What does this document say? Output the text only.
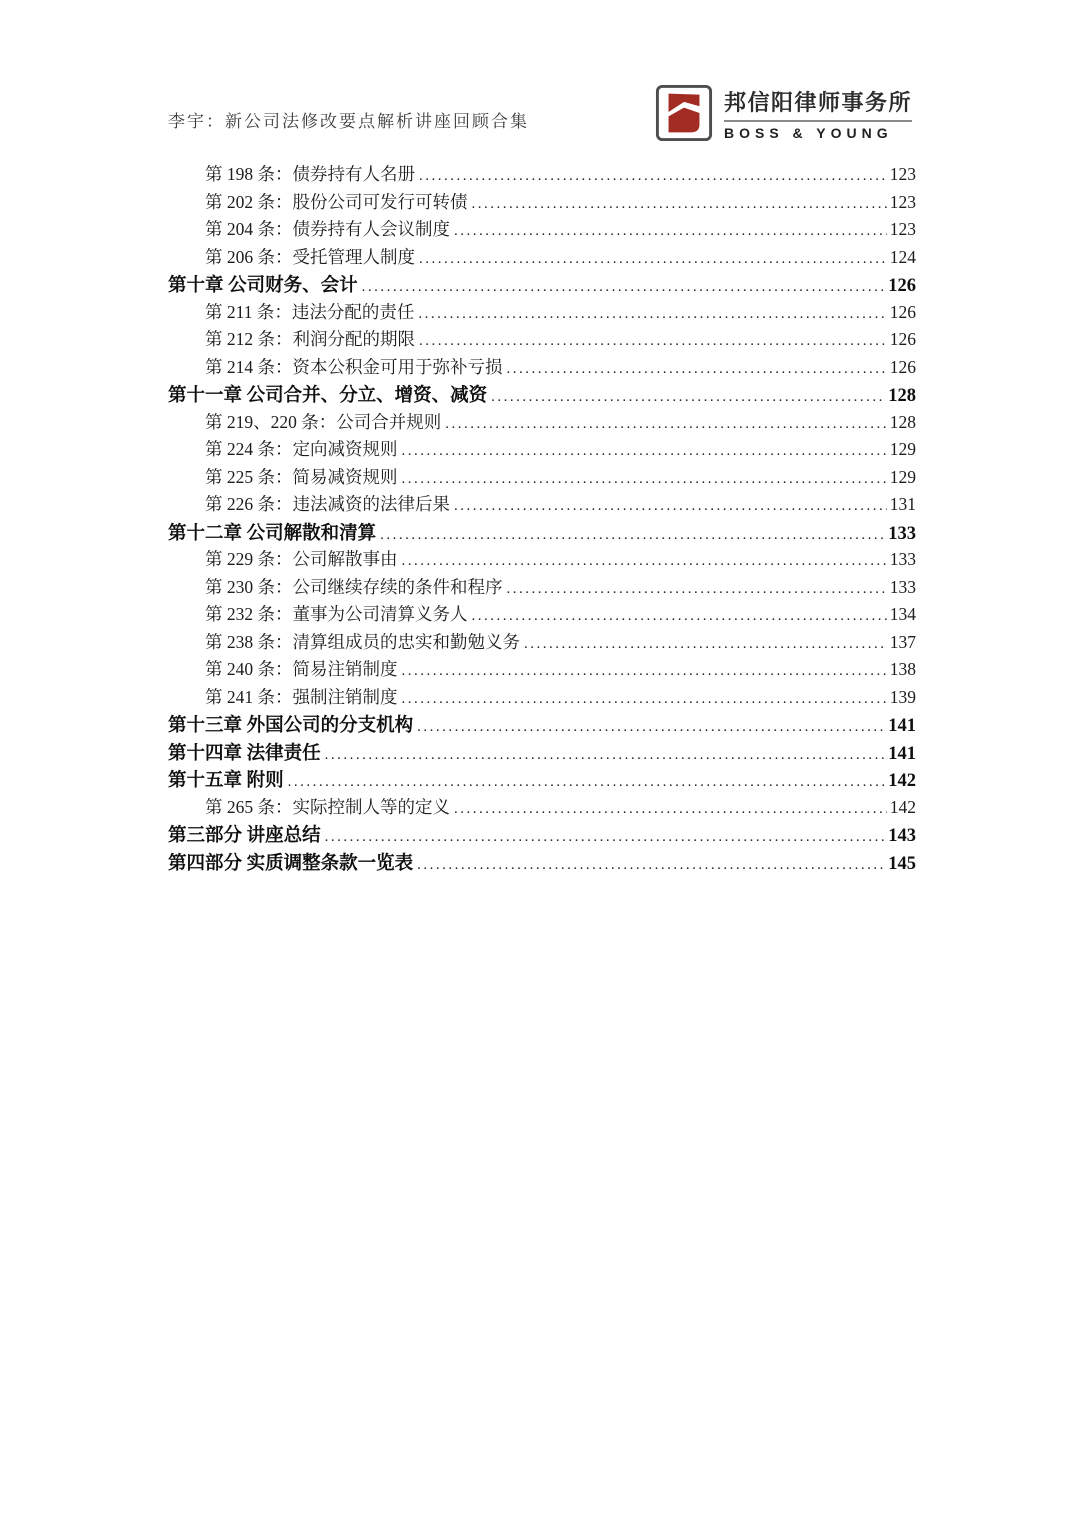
李宇：新公司法修改要点解析讲座回顾合集
邦信阳律师事务所
BOSS & YOUNG
第 198 条：债券持有人名册 .....	123
第 202 条：股份公司可发行可转债 .....	123
第 204 条：债券持有人会议制度 .....	123
第 206 条：受托管理人制度 .....	124
第十章 公司财务、会计 .....	126
第 211 条：违法分配的责任 .....	126
第 212 条：利润分配的期限 .....	126
第 214 条：资本公积金可用于弥补亏损 .....	126
第十一章 公司合并、分立、增资、减资 .....	128
第 219、220 条：公司合并规则 .....	128
第 224 条：定向减资规则 .....	129
第 225 条：简易减资规则 .....	129
第 226 条：违法减资的法律后果 .....	131
第十二章 公司解散和清算 .....	133
第 229 条：公司解散事由 .....	133
第 230 条：公司继续存续的条件和程序 .....	133
第 232 条：董事为公司清算义务人 .....	134
第 238 条：清算组成员的忠实和勤勉义务 .....	137
第 240 条：简易注销制度 .....	138
第 241 条：强制注销制度 .....	139
第十三章 外国公司的分支机构 .....	141
第十四章 法律责任 .....	141
第十五章 附则 .....	142
第 265 条：实际控制人等的定义 .....	142
第三部分 讲座总结 .....	143
第四部分 实质调整条款一览表 .....	145
